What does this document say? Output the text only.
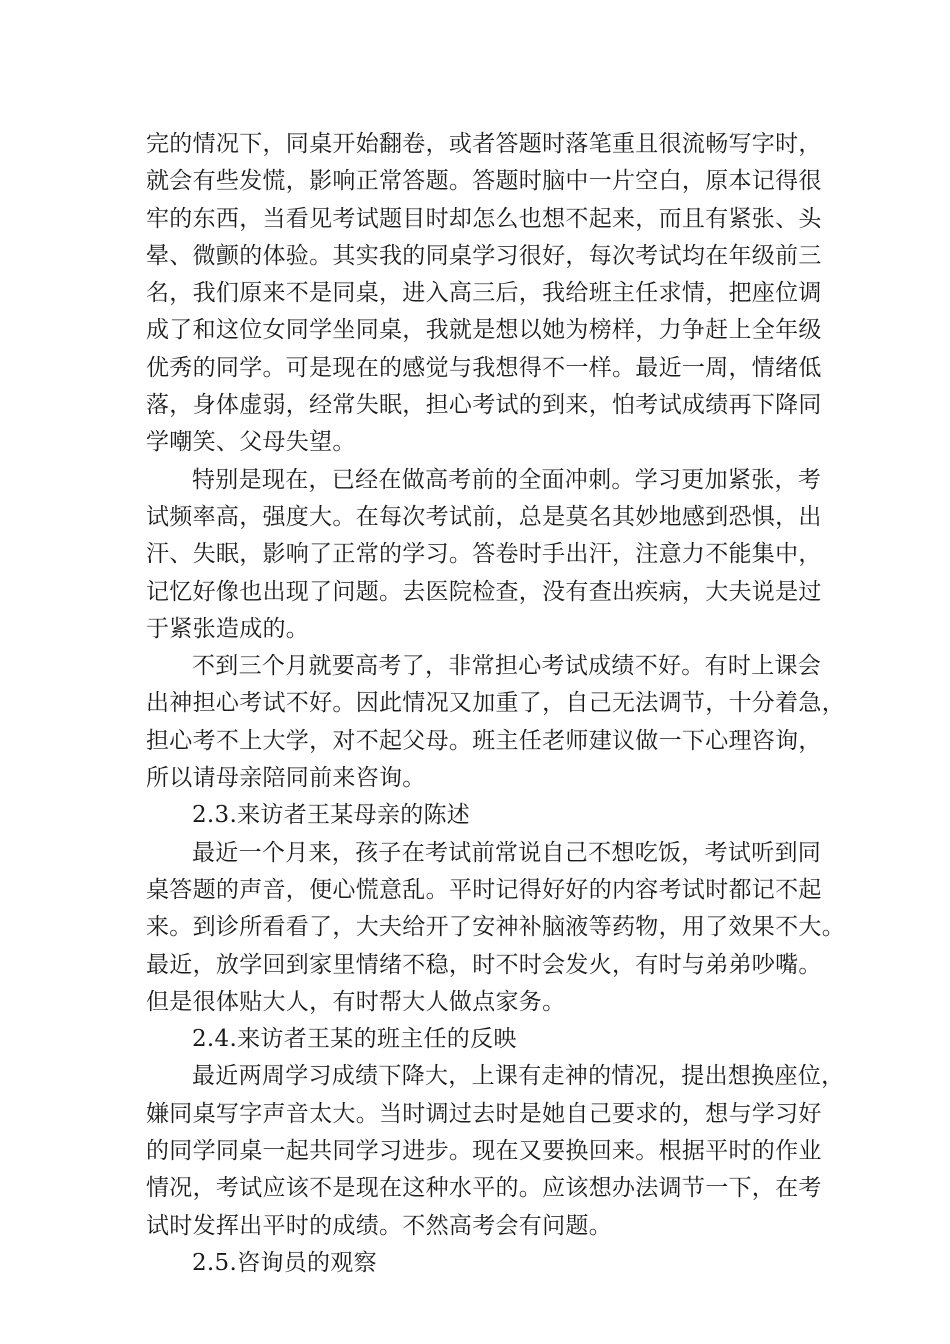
完的情况下，同桌开始翻卷，或者答题时落笔重且很流畅写字时，
就会有些发慌，影响正常答题。答题时脑中一片空白，原本记得很
牢的东西，当看见考试题目时却怎么也想不起来，而且有紧张、头
晕、微颤的体验。其实我的同桌学习很好，每次考试均在年级前三
名，我们原来不是同桌，进入高三后，我给班主任求情，把座位调
成了和这位女同学坐同桌，我就是想以她为榜样，力争赶上全年级
优秀的同学。可是现在的感觉与我想得不一样。最近一周，情绪低
落，身体虚弱，经常失眠，担心考试的到来，怕考试成绩再下降同
学嘲笑、父母失望。
特别是现在，已经在做高考前的全面冲刺。学习更加紧张，考
试频率高，强度大。在每次考试前，总是莫名其妙地感到恐惧，出
汗、失眠，影响了正常的学习。答卷时手出汗，注意力不能集中，
记忆好像也出现了问题。去医院检查，没有查出疾病，大夫说是过
于紧张造成的。
不到三个月就要高考了，非常担心考试成绩不好。有时上课会
出神担心考试不好。因此情况又加重了，自己无法调节，十分着急，
担心考不上大学，对不起父母。班主任老师建议做一下心理咨询，
所以请母亲陪同前来咨询。
2.3.来访者王某母亲的陈述
最近一个月来，孩子在考试前常说自己不想吃饭，考试听到同
桌答题的声音，便心慌意乱。平时记得好好的内容考试时都记不起
来。到诊所看看了，大夫给开了安神补脑液等药物，用了效果不大。
最近，放学回到家里情绪不稳，时不时会发火，有时与弟弟吵嘴。
但是很体贴大人，有时帮大人做点家务。
2.4.来访者王某的班主任的反映
最近两周学习成绩下降大，上课有走神的情况，提出想换座位，
嫌同桌写字声音太大。当时调过去时是她自己要求的，想与学习好
的同学同桌一起共同学习进步。现在又要换回来。根据平时的作业
情况，考试应该不是现在这种水平的。应该想办法调节一下，在考
试时发挥出平时的成绩。不然高考会有问题。
2.5.咨询员的观察
